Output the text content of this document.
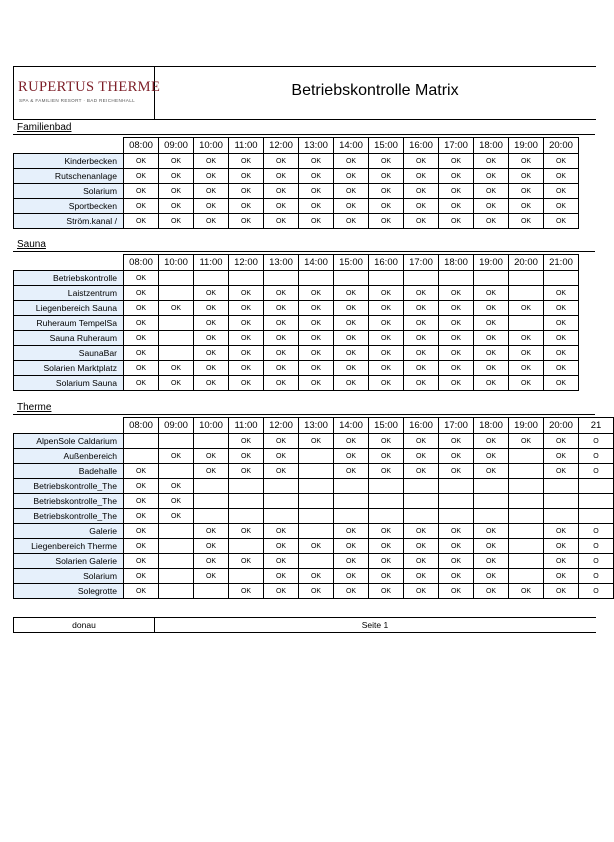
RUPERTUS THERME
SPA & FAMILIEN RESORT · BAD REICHENHALL
Betriebskontrolle Matrix
Familienbad
	08:00	09:00	10:00	11:00	12:00	13:00	14:00	15:00	16:00	17:00	18:00	19:00	20:00
Kinderbecken	OK	OK	OK	OK	OK	OK	OK	OK	OK	OK	OK	OK	OK
Rutschenanlage	OK	OK	OK	OK	OK	OK	OK	OK	OK	OK	OK	OK	OK
Solarium	OK	OK	OK	OK	OK	OK	OK	OK	OK	OK	OK	OK	OK
Sportbecken	OK	OK	OK	OK	OK	OK	OK	OK	OK	OK	OK	OK	OK
Ström.kanal /	OK	OK	OK	OK	OK	OK	OK	OK	OK	OK	OK	OK	OK
Sauna
	08:00	10:00	11:00	12:00	13:00	14:00	15:00	16:00	17:00	18:00	19:00	20:00	21:00
Betriebskontrolle	OK												
Laistzentrum	OK		OK	OK	OK	OK	OK	OK	OK	OK	OK		OK
Liegenbereich Sauna	OK	OK	OK	OK	OK	OK	OK	OK	OK	OK	OK	OK	OK
Ruheraum TempelSa	OK		OK	OK	OK	OK	OK	OK	OK	OK	OK		OK
Sauna Ruheraum	OK		OK	OK	OK	OK	OK	OK	OK	OK	OK	OK	OK
SaunaBar	OK		OK	OK	OK	OK	OK	OK	OK	OK	OK	OK	OK
Solarien Marktplatz	OK	OK	OK	OK	OK	OK	OK	OK	OK	OK	OK	OK	OK
Solarium Sauna	OK	OK	OK	OK	OK	OK	OK	OK	OK	OK	OK	OK	OK
Therme
	08:00	09:00	10:00	11:00	12:00	13:00	14:00	15:00	16:00	17:00	18:00	19:00	20:00	21
AlpenSole Caldarium				OK	OK	OK	OK	OK	OK	OK	OK	OK	OK	O
Außenbereich		OK	OK	OK	OK		OK	OK	OK	OK	OK		OK	O
Badehalle	OK		OK	OK	OK		OK	OK	OK	OK	OK		OK	O
Betriebskontrolle_The	OK	OK												
Betriebskontrolle_The	OK	OK												
Betriebskontrolle_The	OK	OK												
Galerie	OK		OK	OK	OK		OK	OK	OK	OK	OK		OK	O
Liegenbereich Therme	OK		OK		OK	OK	OK	OK	OK	OK	OK		OK	O
Solarien Galerie	OK		OK	OK	OK		OK	OK	OK	OK	OK		OK	O
Solarium	OK		OK		OK	OK	OK	OK	OK	OK	OK		OK	O
Solegrotte	OK			OK	OK	OK	OK	OK	OK	OK	OK	OK	OK	O
donau	Seite 1
